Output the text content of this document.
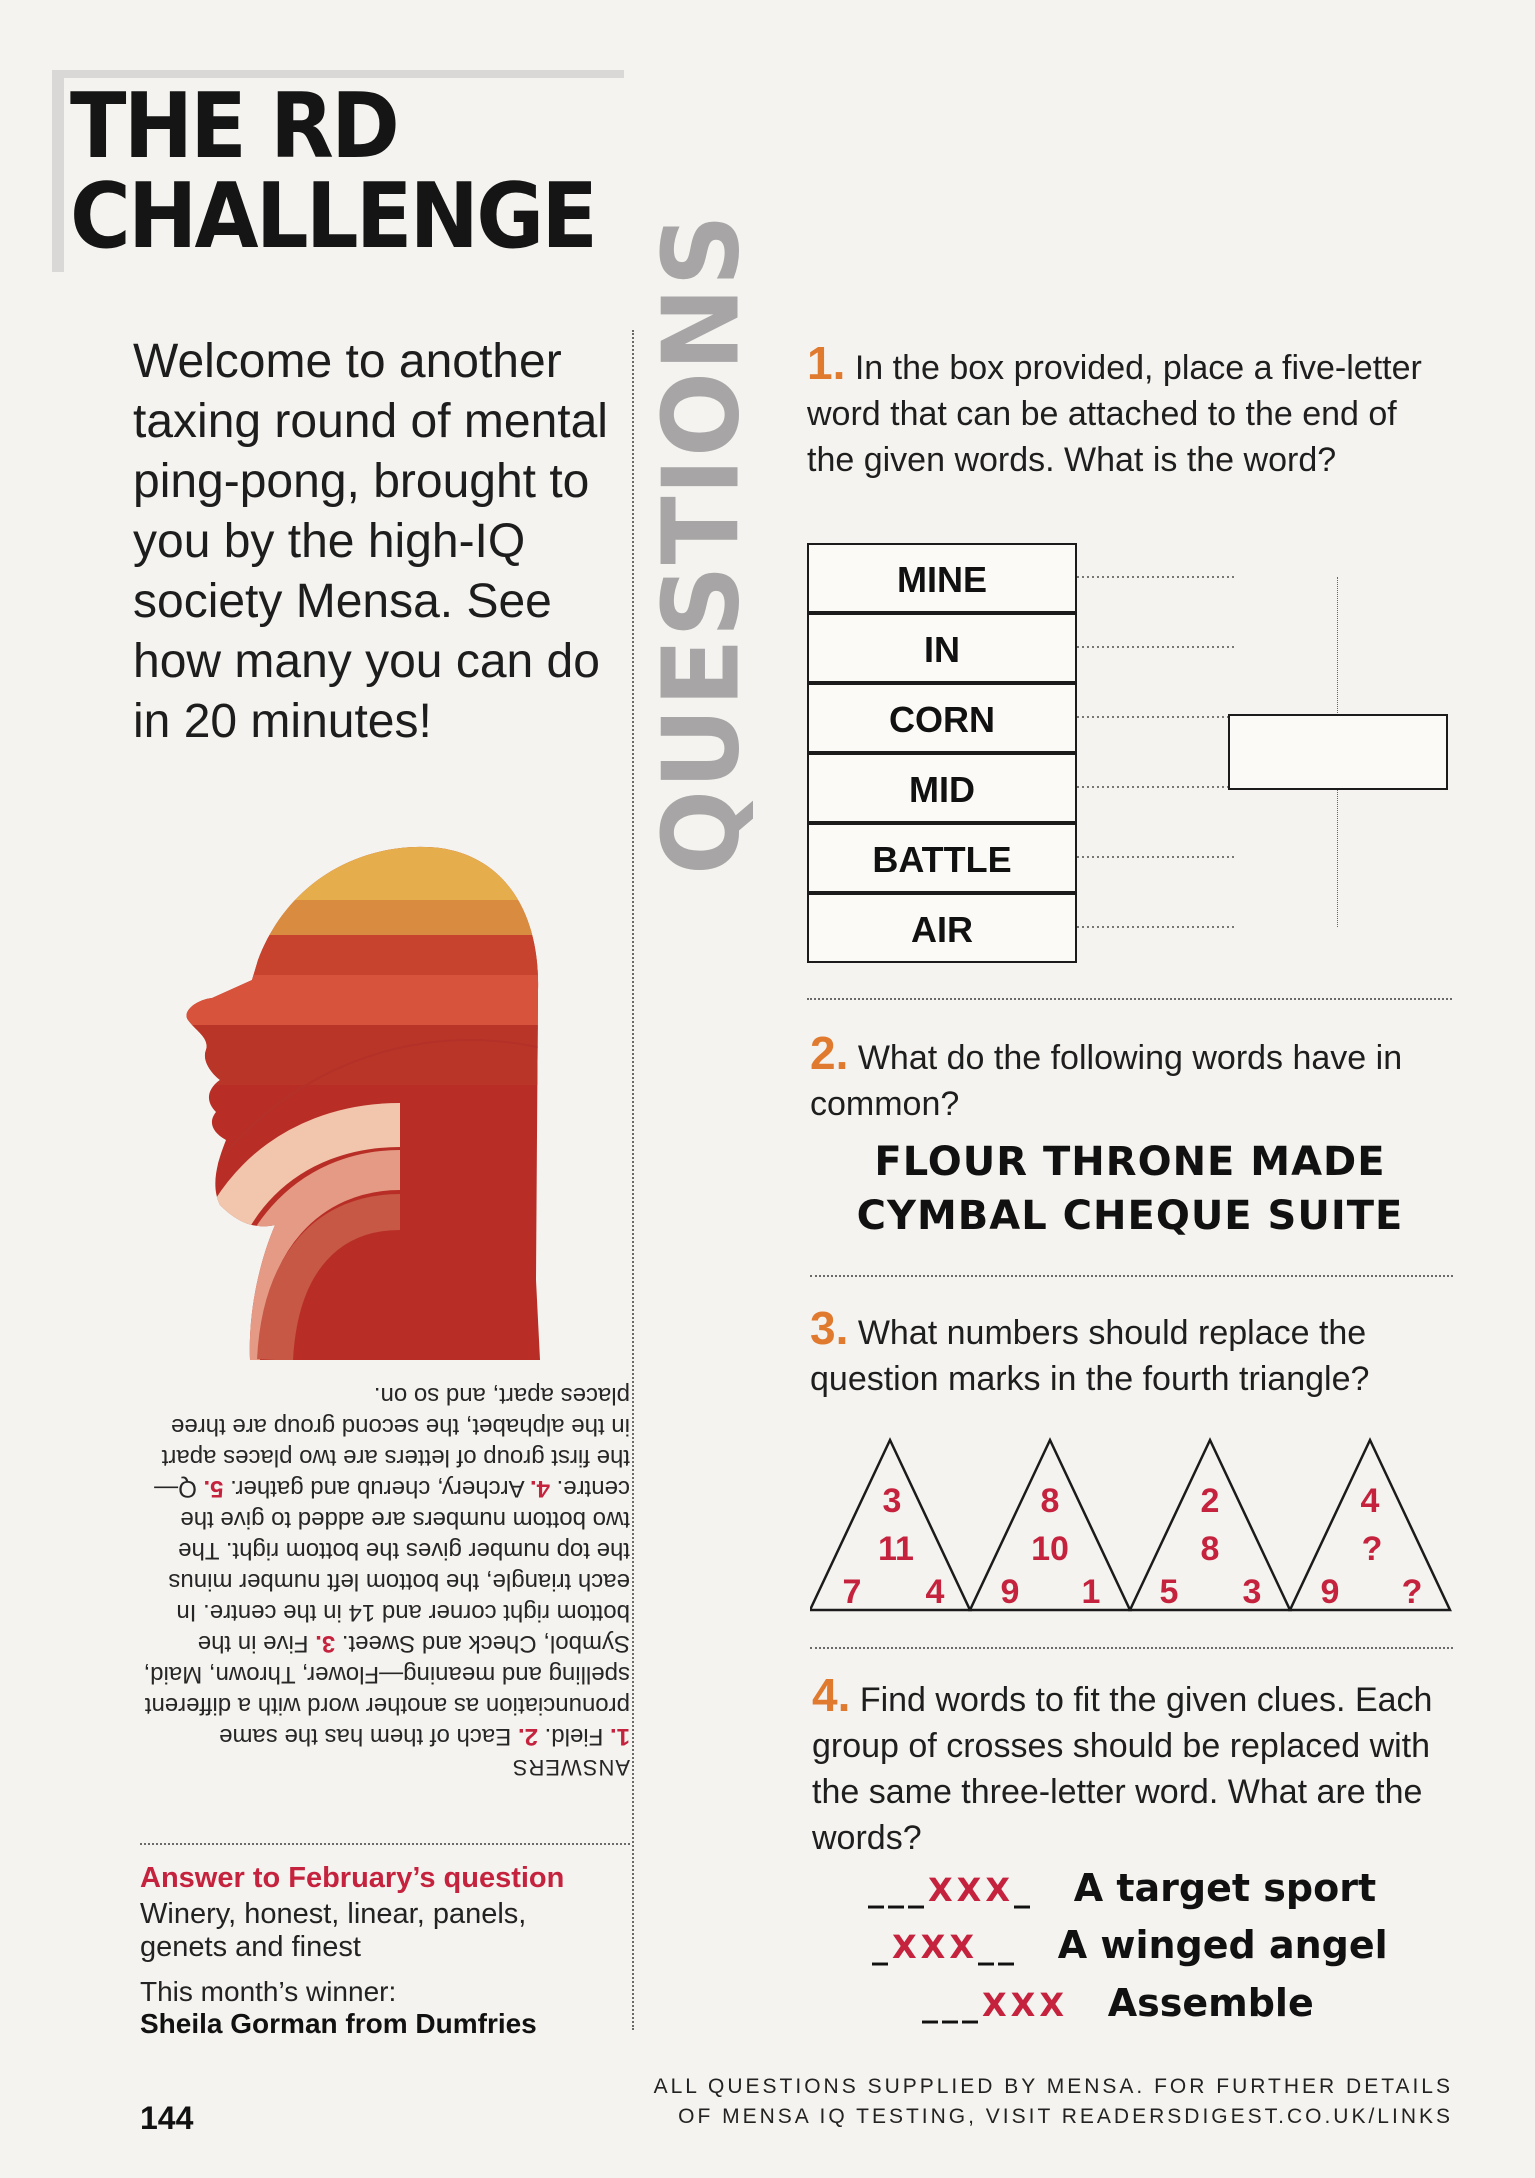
THE RD
CHALLENGE

Welcome to another taxing round of mental ping-pong, brought to you by the high-IQ society Mensa. See how many you can do in 20 minutes!	QUESTIONS
ANSWERS
1. Field. 2. Each of them has the same pronunciation as another word with a different spelling and meaning—Flower, Thrown, Maid, Symbol, Check and Sweet. 3. Five in the bottom right corner and 14 in the centre. In each triangle, the bottom left number minus the top number gives the bottom right. The two bottom numbers are added to give the centre. 4. Archery, cherub and gather. 5. Q—the first group of letters are two places apart in the alphabet, the second group are three places apart, and so on.
Answer to February’s question
Winery, honest, linear, panels, genets and finest
This month’s winner:
Sheila Gorman from Dumfries
144
ALL QUESTIONS SUPPLIED BY MENSA. FOR FURTHER DETAILS
OF MENSA IQ TESTING, VISIT READERSDIGEST.CO.UK/LINKS

1. In the box provided, place a five-letter word that can be attached to the end of the given words. What is the word?

MINE
IN
CORN
MID
BATTLE
AIR

2. What do the following words have in common?

FLOUR THRONE MADE
CYMBAL CHEQUE SUITE

3. What numbers should replace the question marks in the fourth triangle?

3
11
7 4
8
10
9 1
2
8
5 3
4
?
9 ?

4. Find words to fit the given clues. Each group of crosses should be replaced with the same three-letter word. What are the words?

___XXX_ A target sport
_XXX__ A winged angel
___XXX Assemble
